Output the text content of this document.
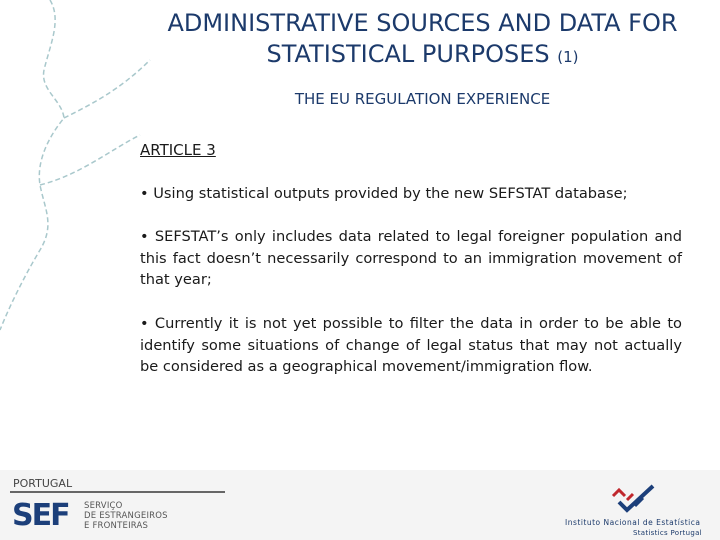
ADMINISTRATIVE SOURCES AND DATA FOR
STATISTICAL PURPOSES (1)
THE EU REGULATION EXPERIENCE
ARTICLE 3
• Using statistical outputs provided by the new SEFSTAT database;
• SEFSTAT’s only includes data related to legal foreigner population and this fact doesn’t necessarily correspond to an immigration movement of that year;
• Currently it is not yet possible to filter the data in order to be able to identify some situations of change of legal status that may not actually be considered as a geographical movement/immigration flow.
PORTUGAL
SEF SERVIÇO
DE ESTRANGEIROS
E FRONTEIRAS	Instituto Nacional de Estatística
Statistics Portugal
